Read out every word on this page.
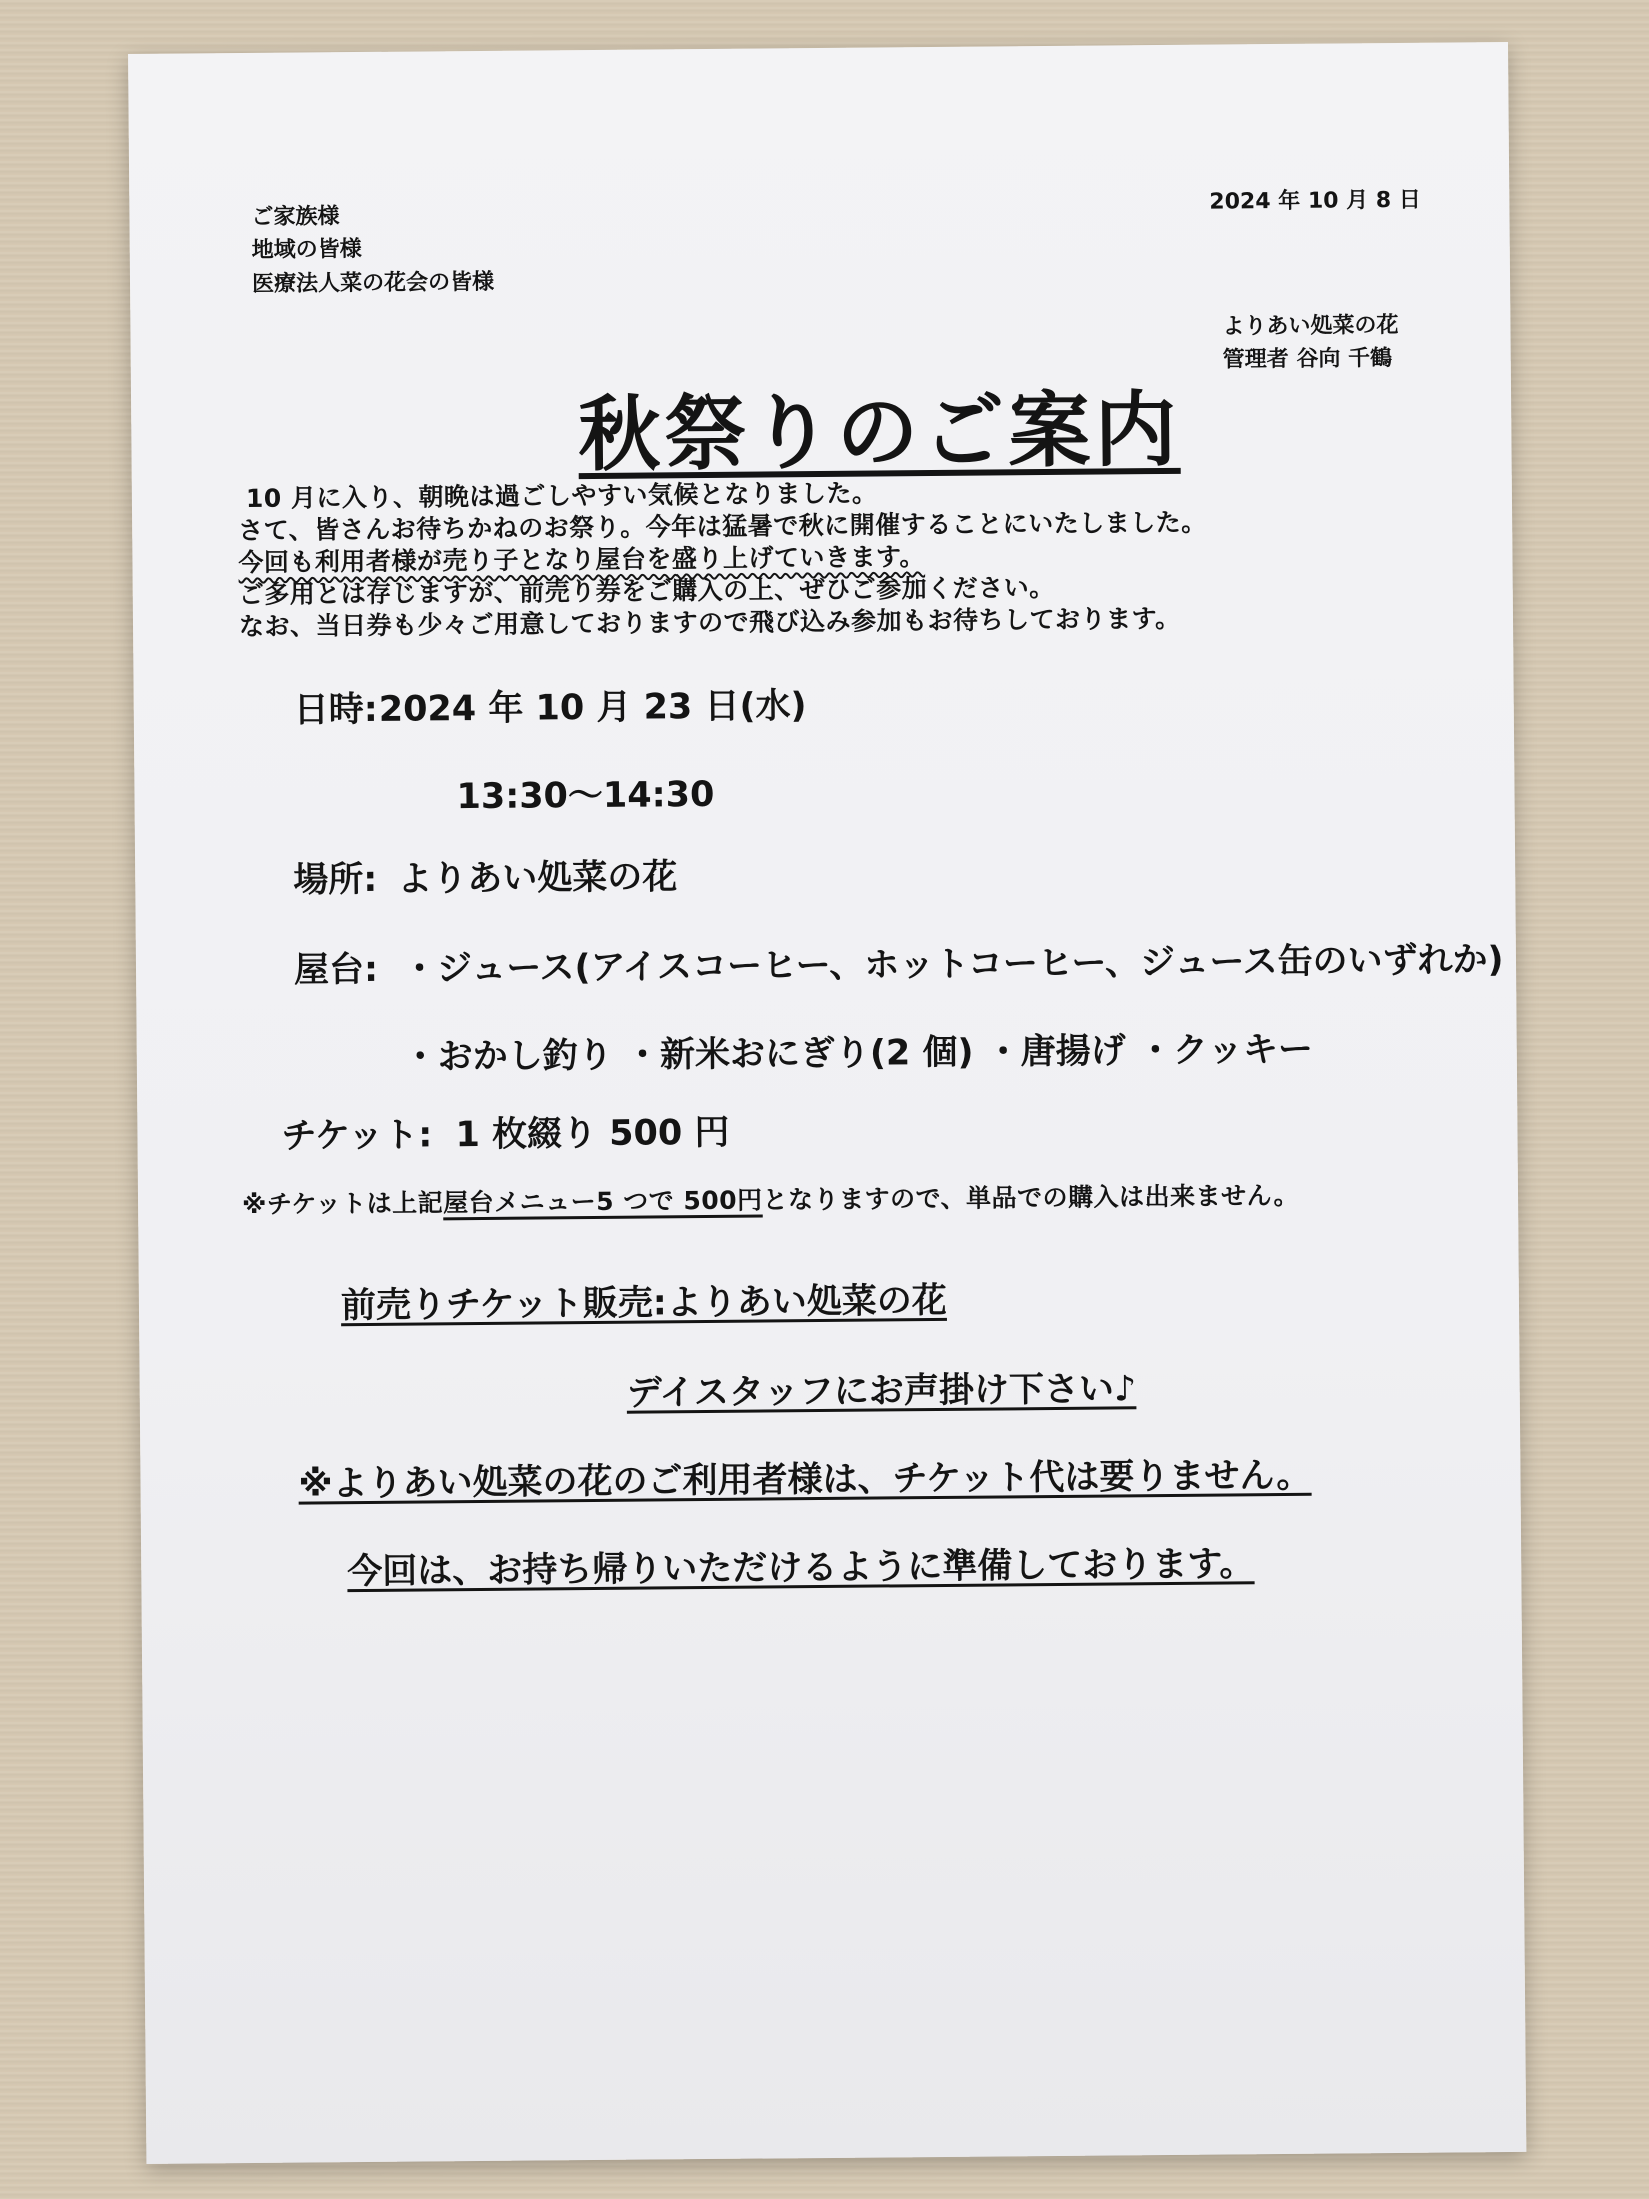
ご家族様
地域の皆様
医療法人菜の花会の皆様
2024 年 10 月 8 日
よりあい処菜の花
管理者 谷向 千鶴
秋祭りのご案内
10 月に入り、朝晩は過ごしやすい気候となりました。
さて、皆さんお待ちかねのお祭り。今年は猛暑で秋に開催することにいたしました。
今回も利用者様が売り子となり屋台を盛り上げていきます。
ご多用とは存じますが、前売り券をご購入の上、ぜひご参加ください。
なお、当日券も少々ご用意しておりますので飛び込み参加もお待ちしております。
日時: 2024 年 10 月 23 日(水)
13:30～14:30
場所: よりあい処菜の花
屋台: ・ジュース(アイスコーヒー、ホットコーヒー、ジュース缶のいずれか)
・おかし釣り ・新米おにぎり(2 個) ・唐揚げ ・クッキー
チケット: 1 枚綴り 500 円
※チケットは上記屋台メニュー5 つで 500円となりますので、単品での購入は出来ません。
前売りチケット販売:よりあい処菜の花
デイスタッフにお声掛け下さい♪
※よりあい処菜の花のご利用者様は、チケット代は要りません。
今回は、お持ち帰りいただけるように準備しております。
